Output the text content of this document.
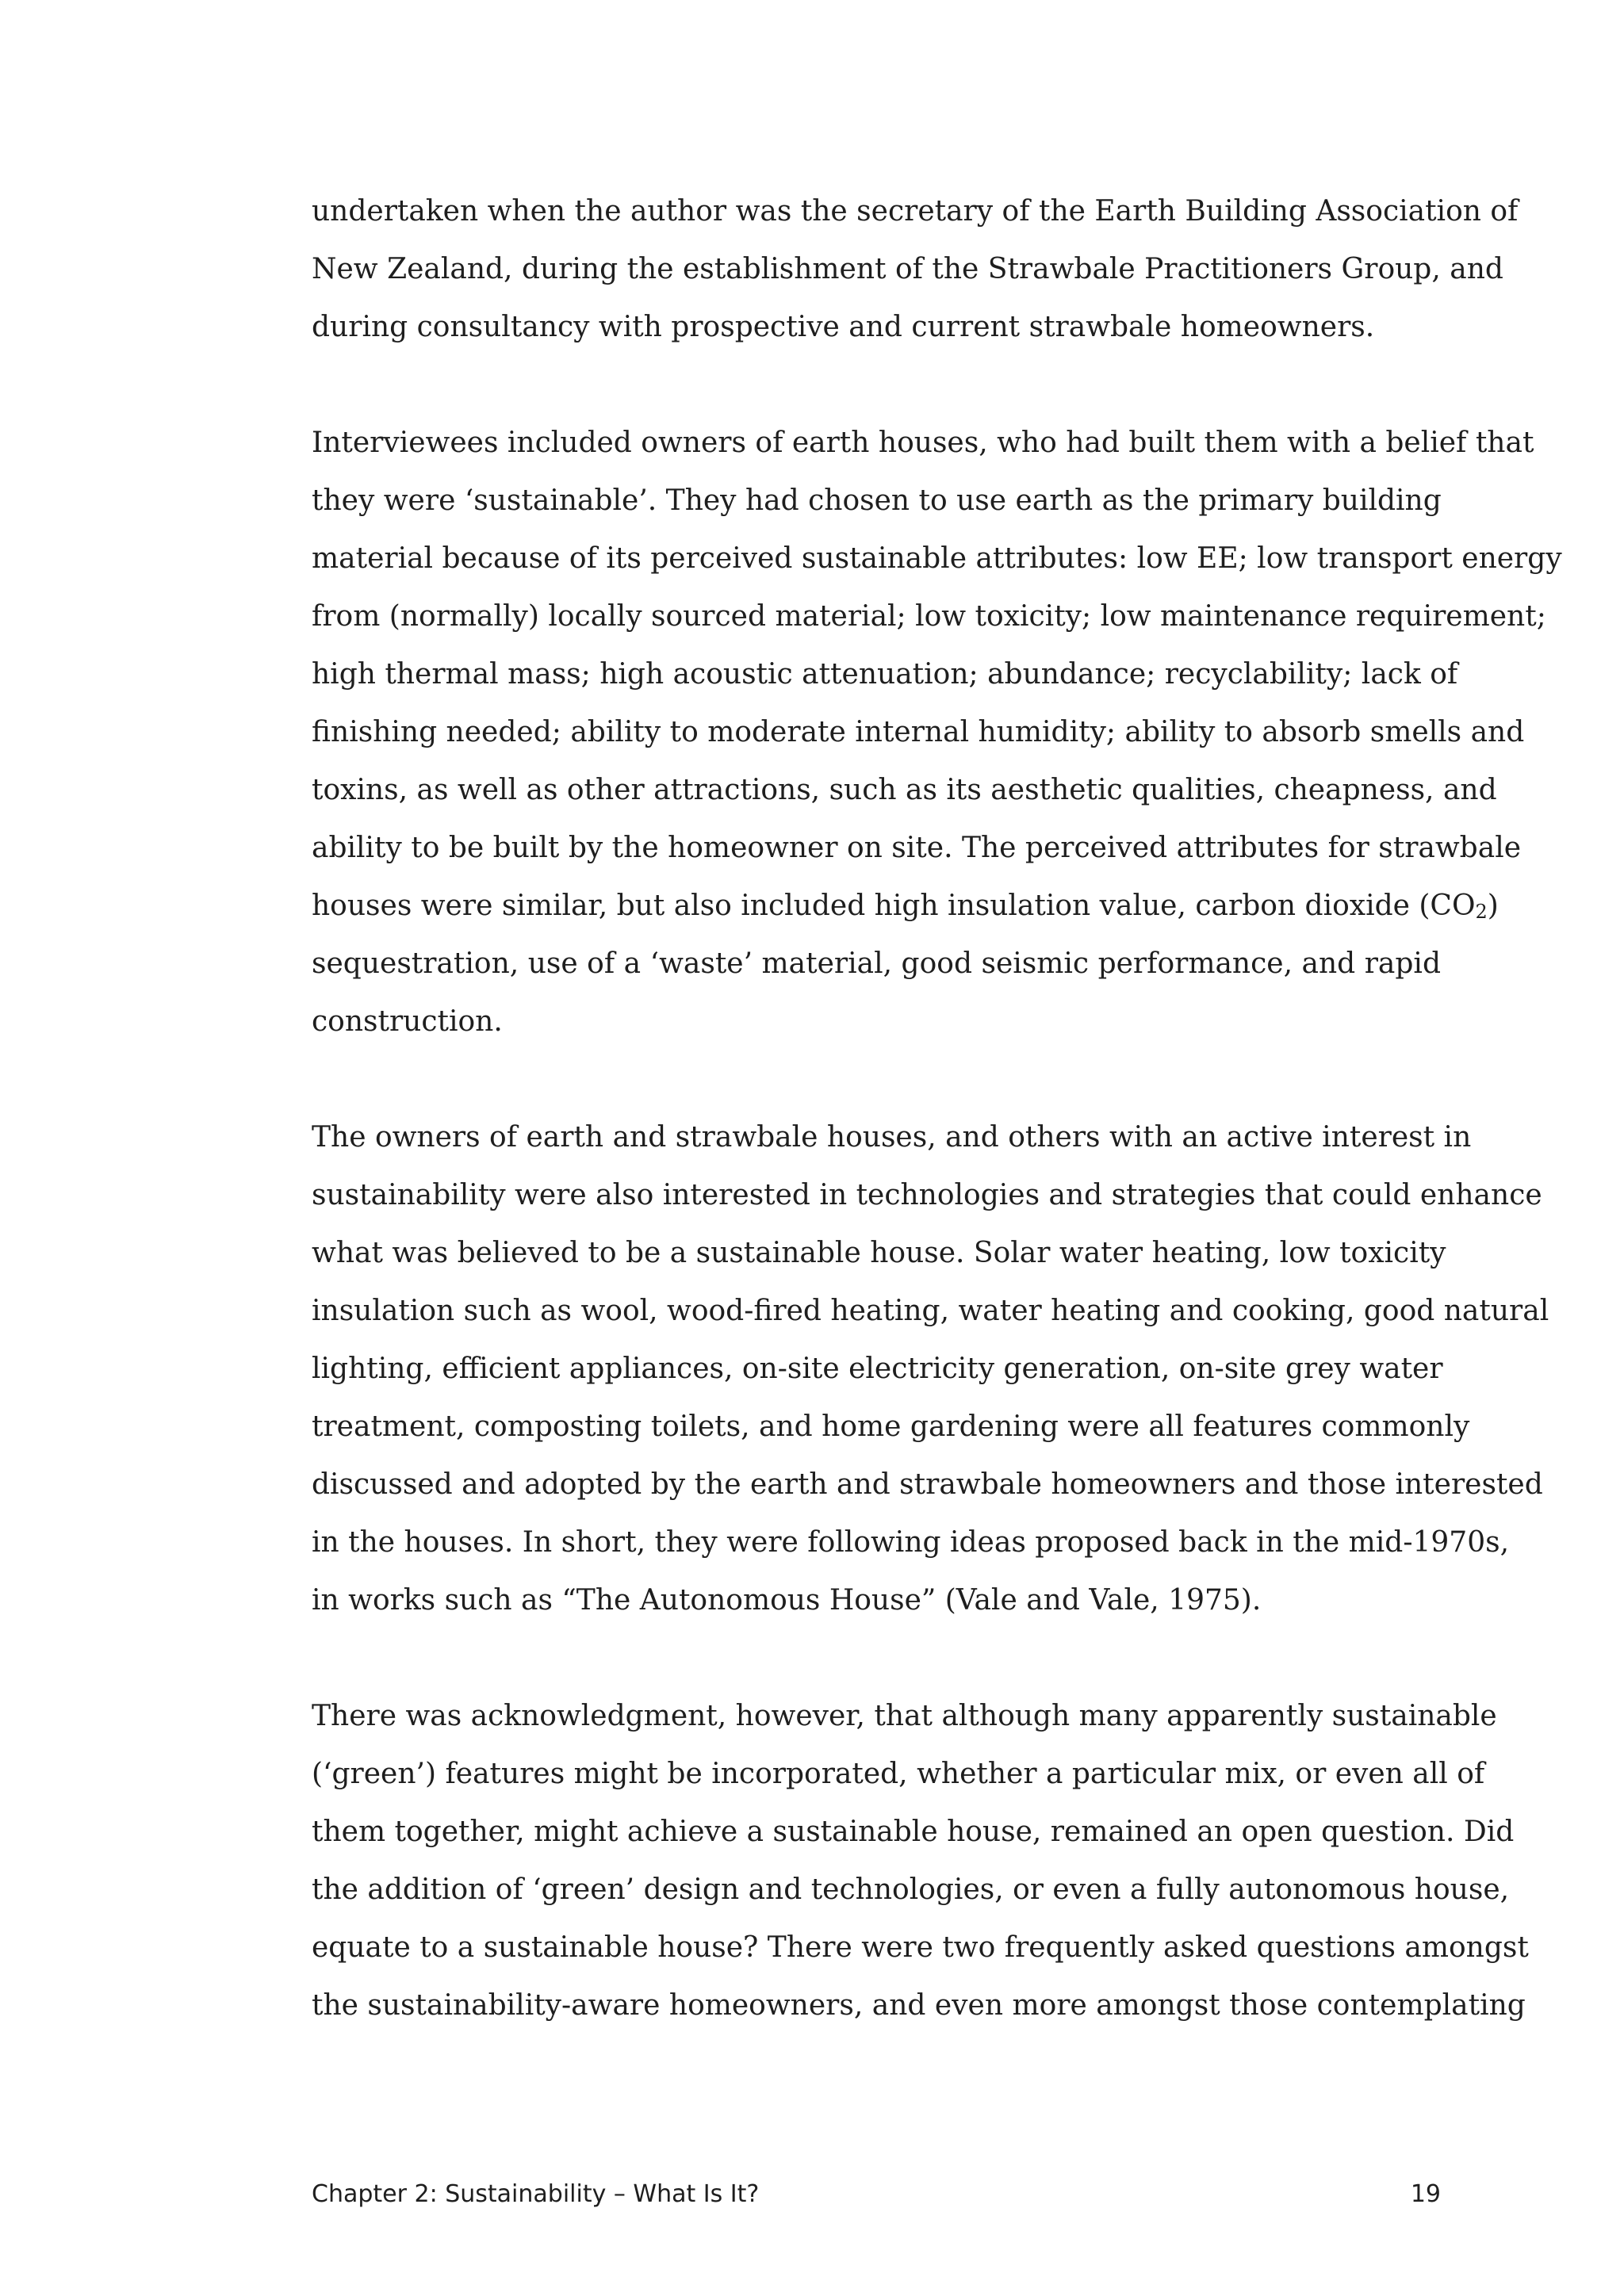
undertaken when the author was the secretary of the Earth Building Association of
New Zealand, during the establishment of the Strawbale Practitioners Group, and
during consultancy with prospective and current strawbale homeowners.

Interviewees included owners of earth houses, who had built them with a belief that
they were ‘sustainable’. They had chosen to use earth as the primary building
material because of its perceived sustainable attributes: low EE; low transport energy
from (normally) locally sourced material; low toxicity; low maintenance requirement;
high thermal mass; high acoustic attenuation; abundance; recyclability; lack of
finishing needed; ability to moderate internal humidity; ability to absorb smells and
toxins, as well as other attractions, such as its aesthetic qualities, cheapness, and
ability to be built by the homeowner on site. The perceived attributes for strawbale
houses were similar, but also included high insulation value, carbon dioxide $(CO_2)$
sequestration, use of a ‘waste’ material, good seismic performance, and rapid
construction.

The owners of earth and strawbale houses, and others with an active interest in
sustainability were also interested in technologies and strategies that could enhance
what was believed to be a sustainable house. Solar water heating, low toxicity
insulation such as wool, wood-fired heating, water heating and cooking, good natural
lighting, efficient appliances, on-site electricity generation, on-site grey water
treatment, composting toilets, and home gardening were all features commonly
discussed and adopted by the earth and strawbale homeowners and those interested
in the houses. In short, they were following ideas proposed back in the mid-1970s,
in works such as “The Autonomous House” (Vale and Vale, 1975).

There was acknowledgment, however, that although many apparently sustainable
(‘green’) features might be incorporated, whether a particular mix, or even all of
them together, might achieve a sustainable house, remained an open question. Did
the addition of ‘green’ design and technologies, or even a fully autonomous house,
equate to a sustainable house? There were two frequently asked questions amongst
the sustainability-aware homeowners, and even more amongst those contemplating

Chapter 2: Sustainability – What Is It?	19
